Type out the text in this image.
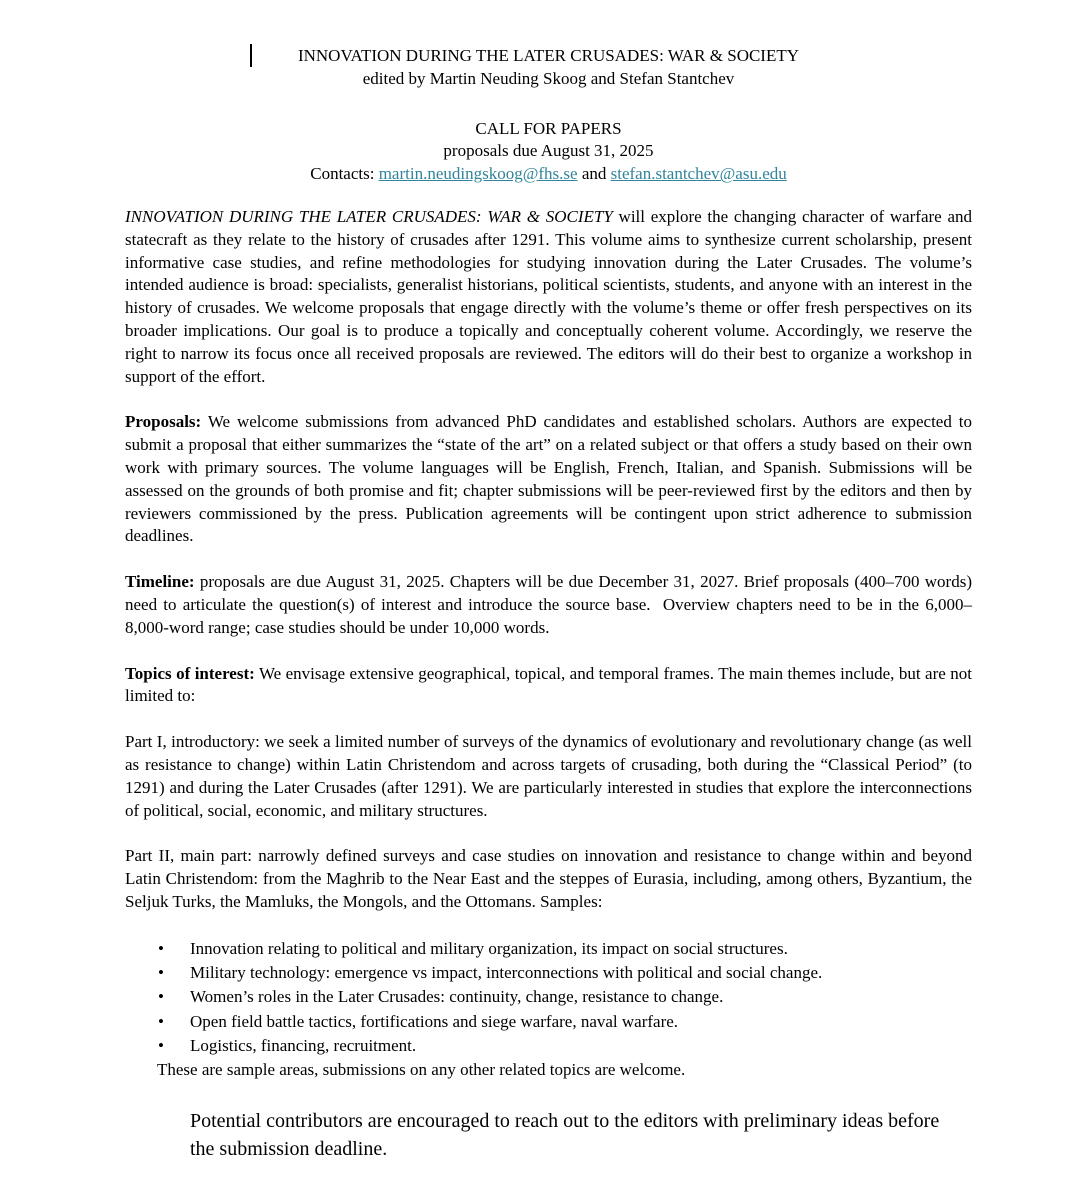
INNOVATION DURING THE LATER CRUSADES: WAR & SOCIETY
edited by Martin Neuding Skoog and Stefan Stantchev
CALL FOR PAPERS
proposals due August 31, 2025
Contacts: martin.neudingskoog@fhs.se and stefan.stantchev@asu.edu

INNOVATION DURING THE LATER CRUSADES: WAR & SOCIETY will explore the changing character of warfare and statecraft as they relate to the history of crusades after 1291. This volume aims to synthesize current scholarship, present informative case studies, and refine methodologies for studying innovation during the Later Crusades. The volume’s intended audience is broad: specialists, generalist historians, political scientists, students, and anyone with an interest in the history of crusades. We welcome proposals that engage directly with the volume’s theme or offer fresh perspectives on its broader implications. Our goal is to produce a topically and conceptually coherent volume. Accordingly, we reserve the right to narrow its focus once all received proposals are reviewed. The editors will do their best to organize a workshop in support of the effort.

Proposals: We welcome submissions from advanced PhD candidates and established scholars. Authors are expected to submit a proposal that either summarizes the “state of the art” on a related subject or that offers a study based on their own work with primary sources. The volume languages will be English, French, Italian, and Spanish. Submissions will be assessed on the grounds of both promise and fit; chapter submissions will be peer-reviewed first by the editors and then by reviewers commissioned by the press. Publication agreements will be contingent upon strict adherence to submission deadlines.

Timeline: proposals are due August 31, 2025. Chapters will be due December 31, 2027. Brief proposals (400–700 words) need to articulate the question(s) of interest and introduce the source base.  Overview chapters need to be in the 6,000–8,000-word range; case studies should be under 10,000 words.

Topics of interest: We envisage extensive geographical, topical, and temporal frames. The main themes include, but are not limited to:

Part I, introductory: we seek a limited number of surveys of the dynamics of evolutionary and revolutionary change (as well as resistance to change) within Latin Christendom and across targets of crusading, both during the “Classical Period” (to 1291) and during the Later Crusades (after 1291). We are particularly interested in studies that explore the interconnections of political, social, economic, and military structures.

Part II, main part: narrowly defined surveys and case studies on innovation and resistance to change within and beyond Latin Christendom: from the Maghrib to the Near East and the steppes of Eurasia, including, among others, Byzantium, the Seljuk Turks, the Mamluks, the Mongols, and the Ottomans. Samples:

•	Innovation relating to political and military organization, its impact on social structures.
•	Military technology: emergence vs impact, interconnections with political and social change.
•	Women’s roles in the Later Crusades: continuity, change, resistance to change.
•	Open field battle tactics, fortifications and siege warfare, naval warfare.
•	Logistics, financing, recruitment.
These are sample areas, submissions on any other related topics are welcome.

Potential contributors are encouraged to reach out to the editors with preliminary ideas before the submission deadline.
